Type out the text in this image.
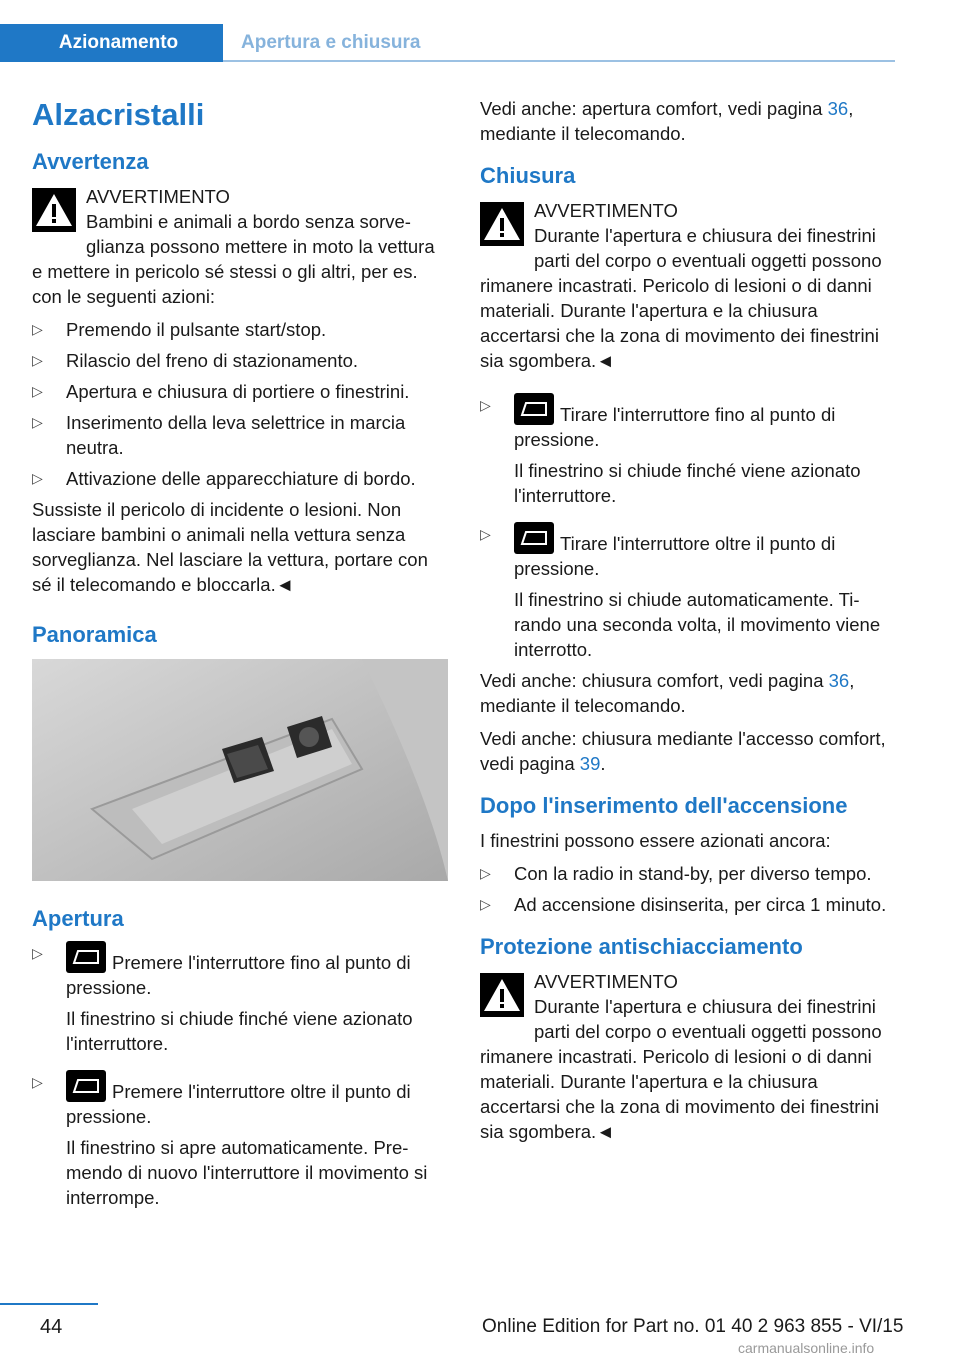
Azionamento	Apertura e chiusura
Alzacristalli
Avvertenza
AVVERTIMENTO
Bambini e animali a bordo senza sorveglianza possono mettere in moto la vettura e mettere in pericolo sé stessi o gli altri, per es. con le seguenti azioni:
▷ Premendo il pulsante start/stop.
▷ Rilascio del freno di stazionamento.
▷ Apertura e chiusura di portiere o finestrini.
▷ Inserimento della leva selettrice in marcia neutra.
▷ Attivazione delle apparecchiature di bordo.

Sussiste il pericolo di incidente o lesioni. Non lasciare bambini o animali nella vettura senza sorveglianza. Nel lasciare la vettura, portare con sé il telecomando e bloccarla.◄

Panoramica
Apertura
▷	Premere l'interruttore fino al punto di pressione.
Il finestrino si chiude finché viene azionato l'interruttore.
▷	Premere l'interruttore oltre il punto di pressione.
Il finestrino si apre automaticamente. Premendo di nuovo l'interruttore il movimento si interrompe.

Vedi anche: apertura comfort, vedi pagina 36, mediante il telecomando.

Chiusura
AVVERTIMENTO
Durante l'apertura e chiusura dei finestrini parti del corpo o eventuali oggetti possono rimanere incastrati. Pericolo di lesioni o di danni materiali. Durante l'apertura e la chiusura accertarsi che la zona di movimento dei finestrini sia sgombera.◄
▷	Tirare l'interruttore fino al punto di pressione.
Il finestrino si chiude finché viene azionato l'interruttore.
▷	Tirare l'interruttore oltre il punto di pressione.
Il finestrino si chiude automaticamente. Tirando una seconda volta, il movimento viene interrotto.

Vedi anche: chiusura comfort, vedi pagina 36, mediante il telecomando.

Vedi anche: chiusura mediante l'accesso comfort, vedi pagina 39.

Dopo l'inserimento dell'accensione

I finestrini possono essere azionati ancora:

▷ Con la radio in stand-by, per diverso tempo.
▷ Ad accensione disinserita, per circa 1 minuto.
Protezione antischiacciamento
AVVERTIMENTO
Durante l'apertura e chiusura dei finestrini parti del corpo o eventuali oggetti possono rimanere incastrati. Pericolo di lesioni o di danni materiali. Durante l'apertura e la chiusura accertarsi che la zona di movimento dei finestrini sia sgombera.◄
44	Online Edition for Part no. 01 40 2 963 855 - VI/15
carmanualsonline.info
